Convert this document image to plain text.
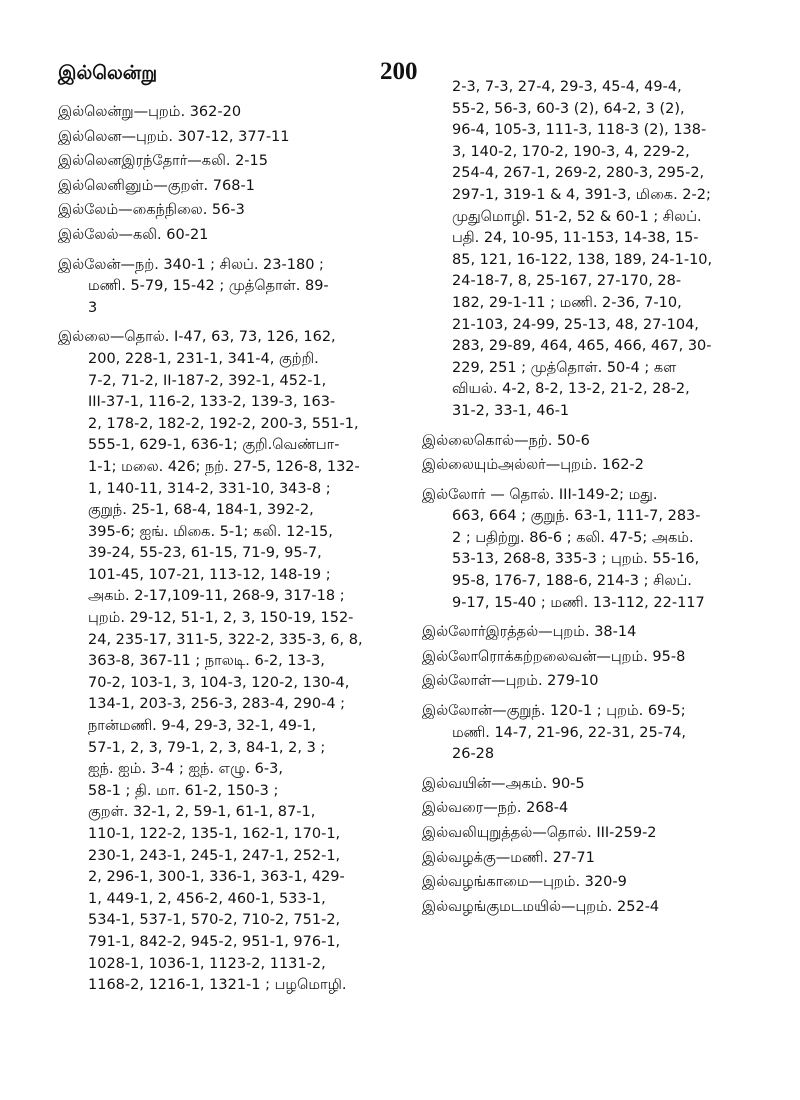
இல்லென்று	200
இல்லென்று—புறம். 362-20
இல்லென—புறம். 307-12, 377-11
இல்லெனஇரந்தோர்—கலி. 2-15
இல்லெனினும்—குறள். 768-1
இல்லேம்—கைந்நிலை. 56-3
இல்லேல்—கலி. 60-21
இல்லேன்—நற். 340-1 ; சிலப். 23-180 ;
மணி. 5-79, 15-42 ; முத்தொள். 89-
3
இல்லை—தொல். I-47, 63, 73, 126, 162,
200, 228-1, 231-1, 341-4, குற்றி.
7-2, 71-2, II-187-2, 392-1, 452-1,
III-37-1, 116-2, 133-2, 139-3, 163-
2, 178-2, 182-2, 192-2, 200-3, 551-1,
555-1, 629-1, 636-1; குறி.வெண்பா-
1-1; மலை. 426; நற். 27-5, 126-8, 132-
1, 140-11, 314-2, 331-10, 343-8 ;
குறுந். 25-1, 68-4, 184-1, 392-2,
395-6; ஐங். மிகை. 5-1; கலி. 12-15,
39-24, 55-23, 61-15, 71-9, 95-7,
101-45, 107-21, 113-12, 148-19 ;
அகம். 2-17,109-11, 268-9, 317-18 ;
புறம். 29-12, 51-1, 2, 3, 150-19, 152-
24, 235-17, 311-5, 322-2, 335-3, 6, 8,
363-8, 367-11 ; நாலடி. 6-2, 13-3,
70-2, 103-1, 3, 104-3, 120-2, 130-4,
134-1, 203-3, 256-3, 283-4, 290-4 ;
நான்மணி. 9-4, 29-3, 32-1, 49-1,
57-1, 2, 3, 79-1, 2, 3, 84-1, 2, 3 ;
ஐந். ஐம். 3-4 ; ஐந். எழு. 6-3,
58-1 ; தி. மா. 61-2, 150-3 ;
குறள். 32-1, 2, 59-1, 61-1, 87-1,
110-1, 122-2, 135-1, 162-1, 170-1,
230-1, 243-1, 245-1, 247-1, 252-1,
2, 296-1, 300-1, 336-1, 363-1, 429-
1, 449-1, 2, 456-2, 460-1, 533-1,
534-1, 537-1, 570-2, 710-2, 751-2,
791-1, 842-2, 945-2, 951-1, 976-1,
1028-1, 1036-1, 1123-2, 1131-2,
1168-2, 1216-1, 1321-1 ; பழமொழி.
2-3, 7-3, 27-4, 29-3, 45-4, 49-4,
55-2, 56-3, 60-3 (2), 64-2, 3 (2),
96-4, 105-3, 111-3, 118-3 (2), 138-
3, 140-2, 170-2, 190-3, 4, 229-2,
254-4, 267-1, 269-2, 280-3, 295-2,
297-1, 319-1 & 4, 391-3, மிகை. 2-2;
முதுமொழி. 51-2, 52 & 60-1 ; சிலப்.
பதி. 24, 10-95, 11-153, 14-38, 15-
85, 121, 16-122, 138, 189, 24-1-10,
24-18-7, 8, 25-167, 27-170, 28-
182, 29-1-11 ; மணி. 2-36, 7-10,
21-103, 24-99, 25-13, 48, 27-104,
283, 29-89, 464, 465, 466, 467, 30-
229, 251 ; முத்தொள். 50-4 ; கள
வியல். 4-2, 8-2, 13-2, 21-2, 28-2,
31-2, 33-1, 46-1
இல்லைகொல்—நற். 50-6
இல்லையும்அல்லர்—புறம். 162-2
இல்லோர் — தொல். III-149-2; மது.
663, 664 ; குறுந். 63-1, 111-7, 283-
2 ; பதிற்று. 86-6 ; கலி. 47-5; அகம்.
53-13, 268-8, 335-3 ; புறம். 55-16,
95-8, 176-7, 188-6, 214-3 ; சிலப்.
9-17, 15-40 ; மணி. 13-112, 22-117
இல்லோர்இரத்தல்—புறம். 38-14
இல்லோரொக்கற்றலைவன்—புறம். 95-8
இல்லோள்—புறம். 279-10
இல்லோன்—குறுந். 120-1 ; புறம். 69-5;
மணி. 14-7, 21-96, 22-31, 25-74,
26-28
இல்வயின்—அகம். 90-5
இல்வரை—நற். 268-4
இல்வலியுறுத்தல்—தொல். III-259-2
இல்வழக்கு—மணி. 27-71
இல்வழங்காமை—புறம். 320-9
இல்வழங்குமடமயில்—புறம். 252-4
